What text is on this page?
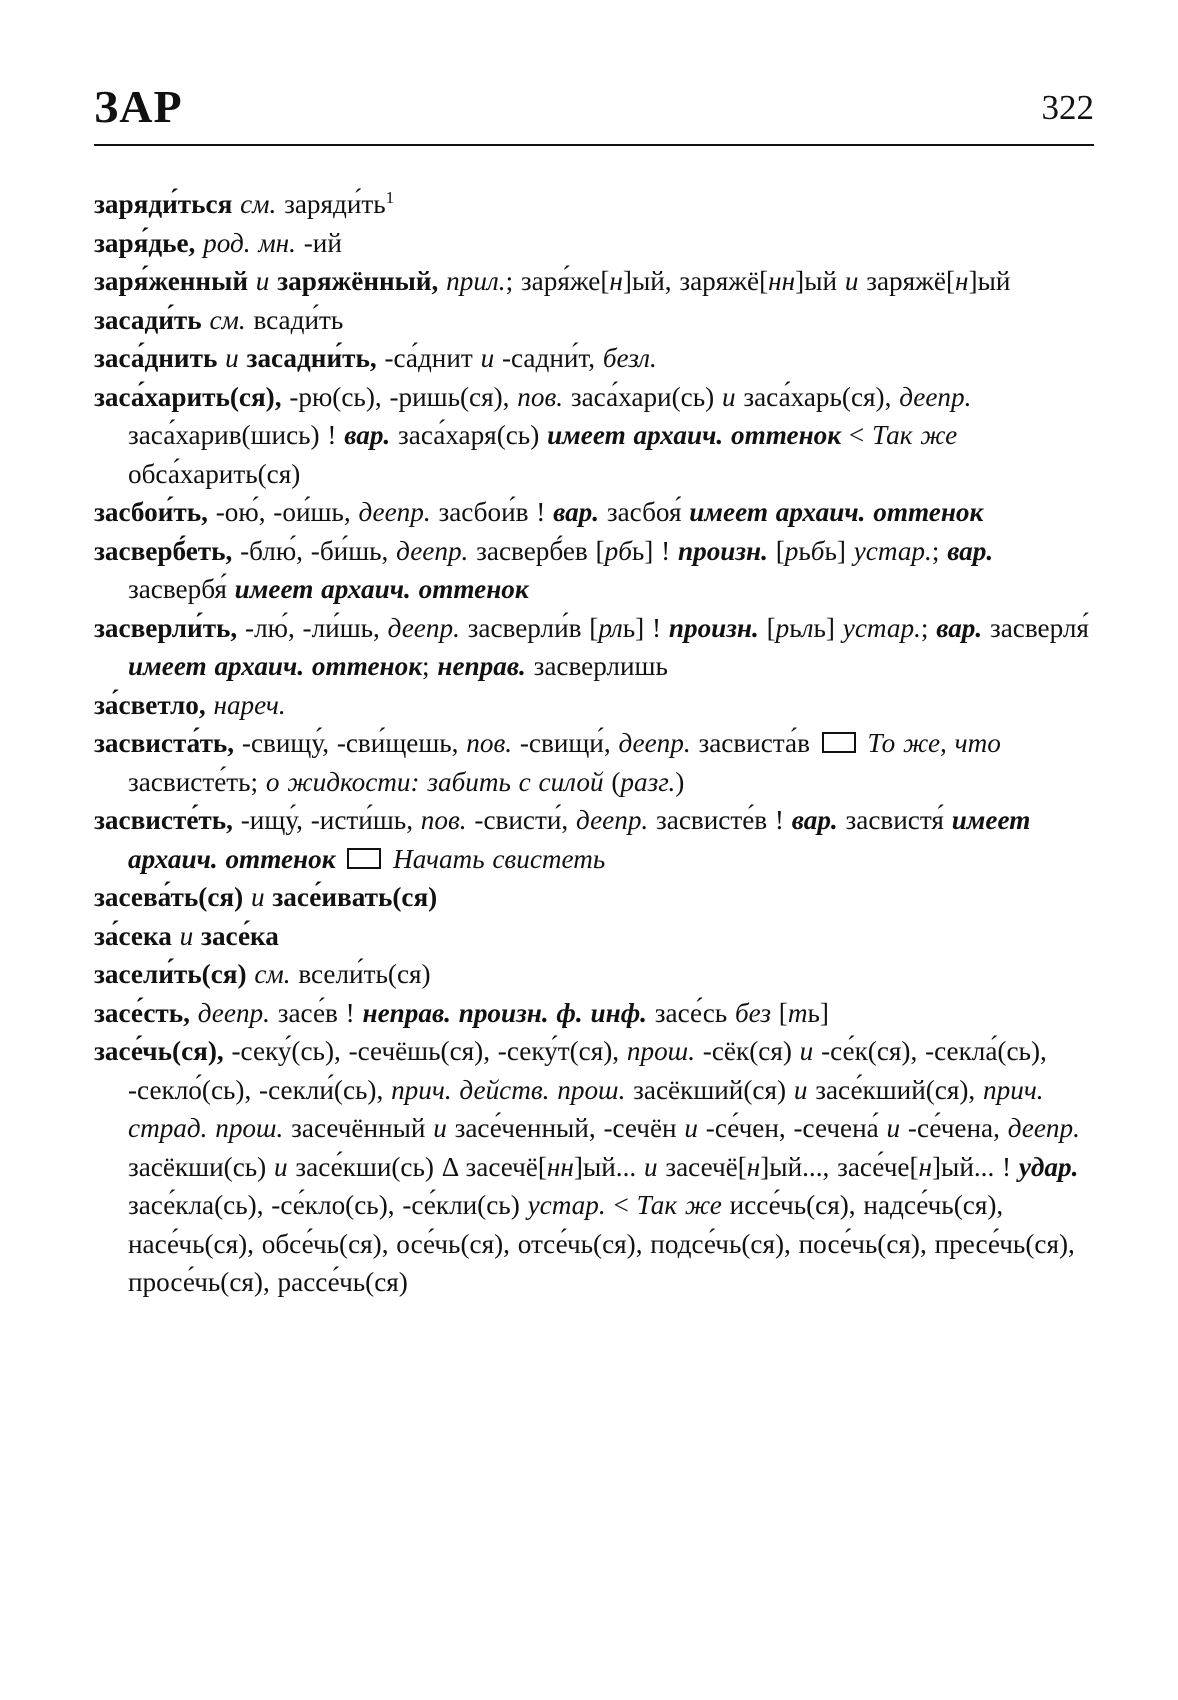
ЗАР	322
заряди́ться см. $заряди́ть^1$
заря́дье, род. мн. -ий
заря́женный и заряжённый, прил.; заря́же[н]ый, заряжё[нн]ый и заряжё[н]ый
засади́ть см. всади́ть
заса́днить и засадни́ть, -са́днит и -садни́т, безл.
заса́харить(ся), -рю(сь), -ришь(ся), пов. заса́хари(сь) и заса́харь(ся), деепр. заса́харив(шись) ! вар. заса́харя(сь) имеет архаич. оттенок < Так же обса́харить(ся)
засбои́ть, -ою́, -ои́шь, деепр. засбои́в ! вар. засбоя́ имеет архаич. оттенок
засверб́еть, -блю́, -би́шь, деепр. засверб́ев [рбь] ! произн. [рьбь] устар.; вар. засвербя́ имеет архаич. оттенок
засверли́ть, -лю́, -ли́шь, деепр. засверли́в [рль] ! произн. [рьль] устар.; вар. засверля́ имеет архаич. оттенок; неправ. засверлишь
за́светло, нареч.
засвиста́ть, -свищу́, -сви́щешь, пов. -свищи́, деепр. засвиста́в  То же, что засвисте́ть; о жидкости: забить с силой (разг.)
засвисте́ть, -ищу́, -исти́шь, пов. -свисти́, деепр. засвисте́в ! вар. засвистя́ имеет архаич. оттенок  Начать свистеть
засева́ть(ся) и засе́ивать(ся)
за́сека и засе́ка
засели́ть(ся) см. всели́ть(ся)
засе́сть, деепр. засе́в ! неправ. произн. ф. инф. засе́сь без [ть]
засе́чь(ся), -секу́(сь), -сечёшь(ся), -секу́т(ся), прош. -сёк(ся) и -се́к(ся), -секла́(сь), -секло́(сь), -секли́(сь), прич. действ. прош. засёкший(ся) и засе́кший(ся), прич. страд. прош. засечённый и засе́ченный, -сечён и -се́чен, -сечена́ и -се́чена, деепр. засёкши(сь) и засе́кши(сь) Δ засечё[нн]ый... и засечё[н]ый..., засе́че[н]ый... ! удар. засе́кла(сь), -се́кло(сь), -се́кли(сь) устар. < Так же иссе́чь(ся), надсе́чь(ся), насе́чь(ся), обсе́чь(ся), осе́чь(ся), отсе́чь(ся), подсе́чь(ся), посе́чь(ся), пресе́чь(ся), просе́чь(ся), рассе́чь(ся)
